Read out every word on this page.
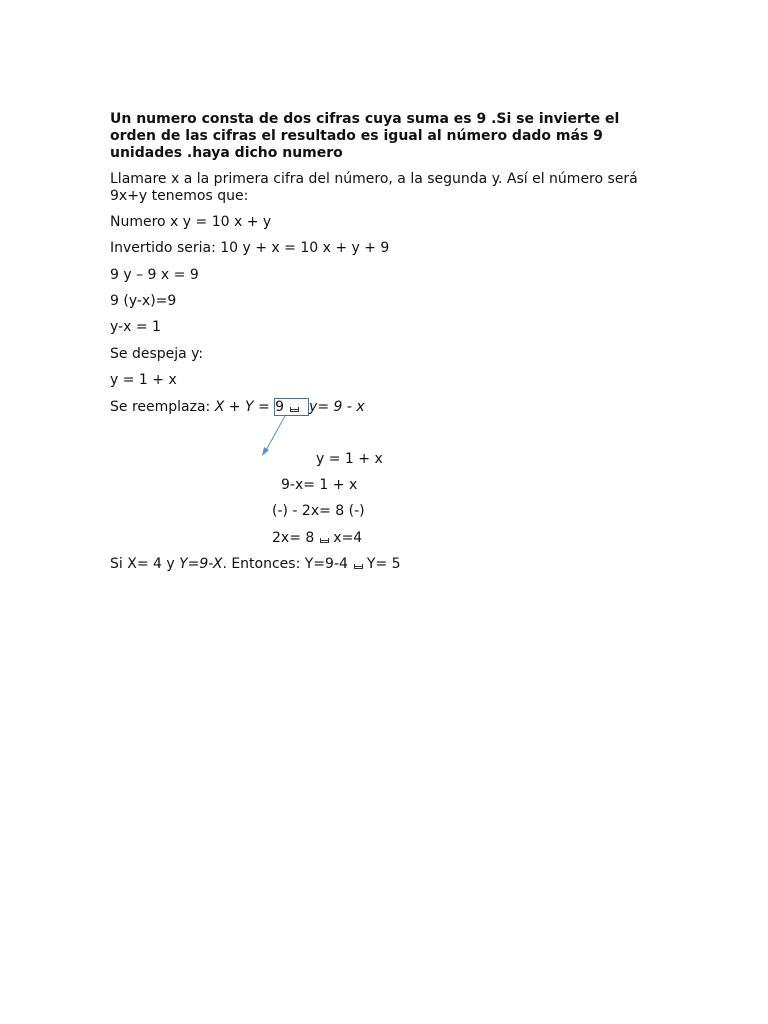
Un numero consta de dos cifras cuya suma es 9 .Si se invierte el orden de las cifras el resultado es igual al número dado más 9 unidades .haya dicho numero
Llamare x a la primera cifra del número, a la segunda y. Así el número será 9x+y tenemos que:
Numero x y = 10 x + y
Invertido seria: 10 y + x = 10 x + y + 9
9 y – 9 x = 9
9 (y-x)=9
y-x = 1
Se despeja y:
y = 1 + x
Se reemplaza: X + Y = 9 y= 9 - x
y = 1 + x
9-x= 1 + x
(-) - 2x= 8 (-)
2x= 8 x=4
Si X= 4 y Y=9-X. Entonces: Y=9-4 Y= 5
